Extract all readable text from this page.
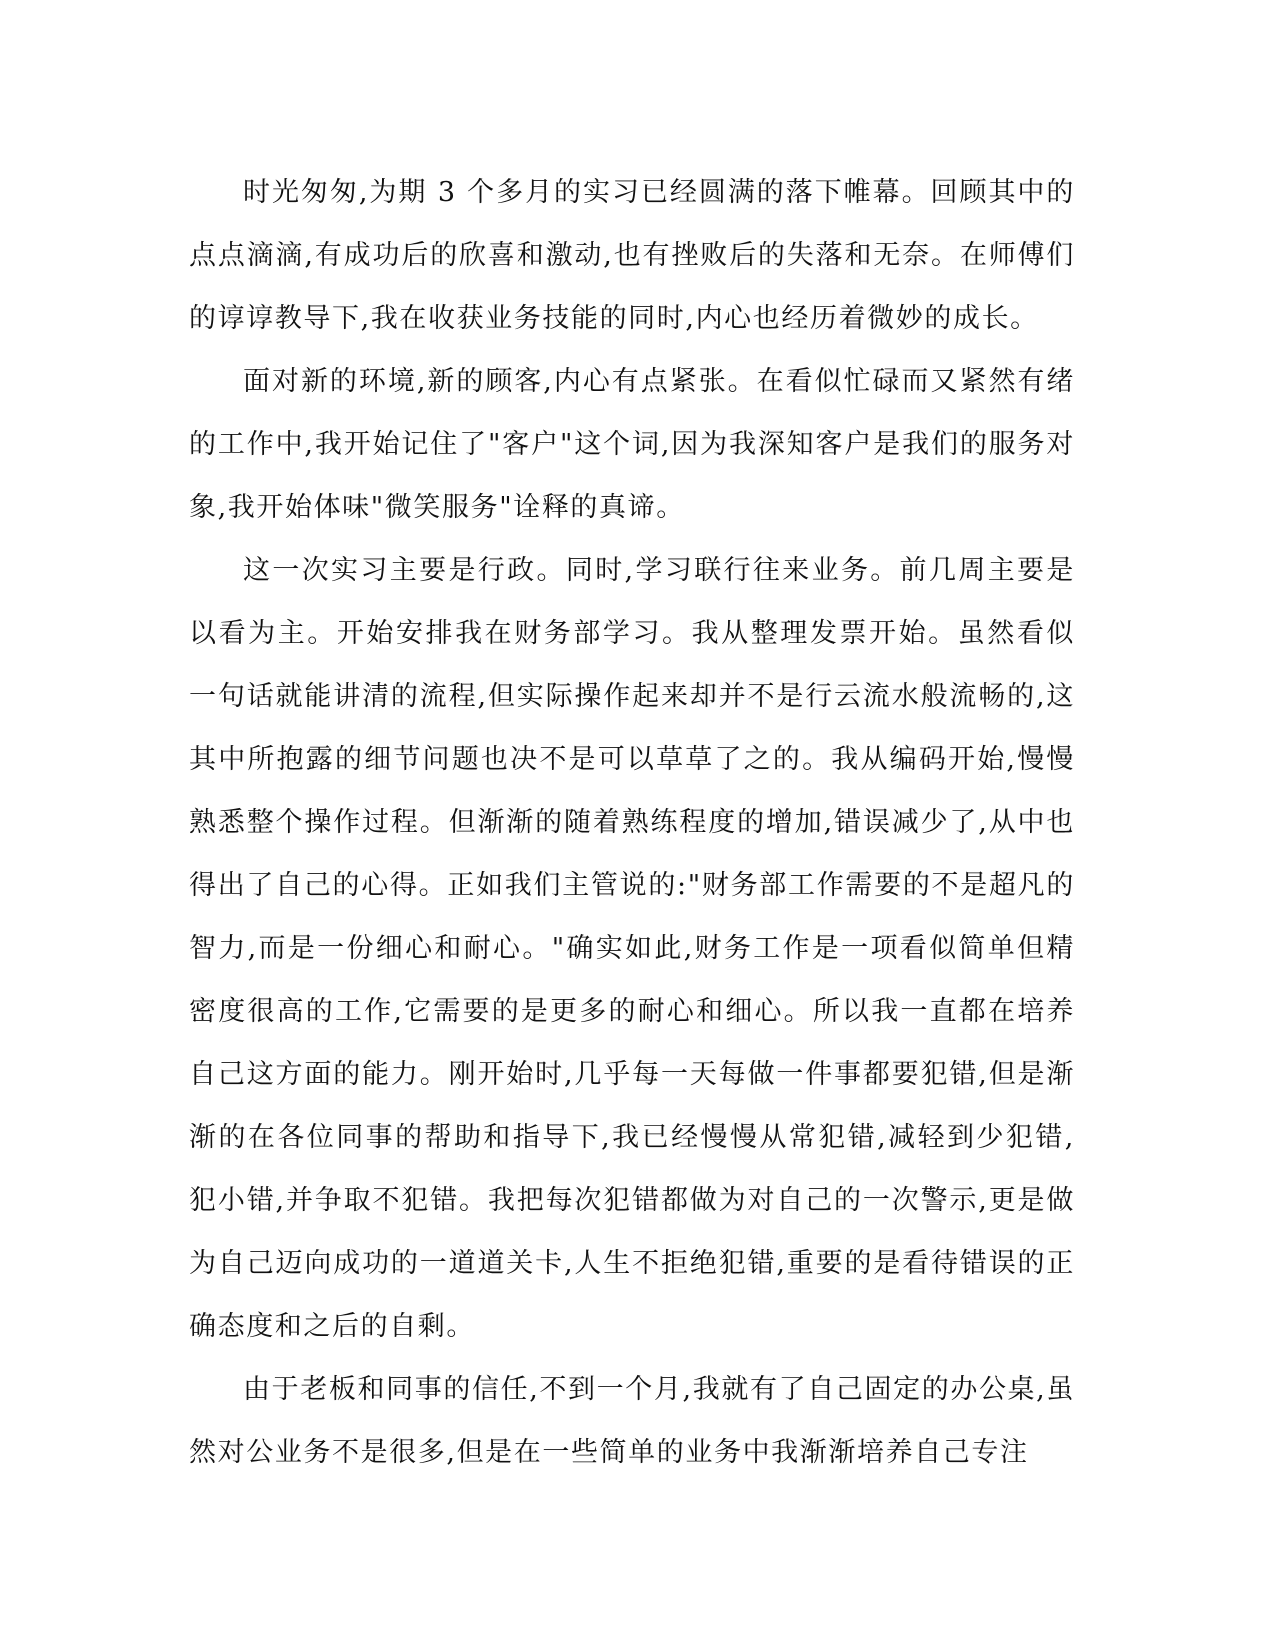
时光匆匆,为期 3 个多月的实习已经圆满的落下帷幕。回顾其中的点点滴滴,有成功后的欣喜和激动,也有挫败后的失落和无奈。在师傅们的谆谆教导下,我在收获业务技能的同时,内心也经历着微妙的成长。

面对新的环境,新的顾客,内心有点紧张。在看似忙碌而又紧然有绪的工作中,我开始记住了"客户"这个词,因为我深知客户是我们的服务对象,我开始体味"微笑服务"诠释的真谛。

这一次实习主要是行政。同时,学习联行往来业务。前几周主要是以看为主。开始安排我在财务部学习。我从整理发票开始。虽然看似一句话就能讲清的流程,但实际操作起来却并不是行云流水般流畅的,这其中所抱露的细节问题也决不是可以草草了之的。我从编码开始,慢慢熟悉整个操作过程。但渐渐的随着熟练程度的增加,错误减少了,从中也得出了自己的心得。正如我们主管说的:"财务部工作需要的不是超凡的智力,而是一份细心和耐心。"确实如此,财务工作是一项看似简单但精密度很高的工作,它需要的是更多的耐心和细心。所以我一直都在培养自己这方面的能力。刚开始时,几乎每一天每做一件事都要犯错,但是渐渐的在各位同事的帮助和指导下,我已经慢慢从常犯错,减轻到少犯错,犯小错,并争取不犯错。我把每次犯错都做为对自己的一次警示,更是做为自己迈向成功的一道道关卡,人生不拒绝犯错,重要的是看待错误的正确态度和之后的自剩。

由于老板和同事的信任,不到一个月,我就有了自己固定的办公桌,虽然对公业务不是很多,但是在一些简单的业务中我渐渐培养自己专注
